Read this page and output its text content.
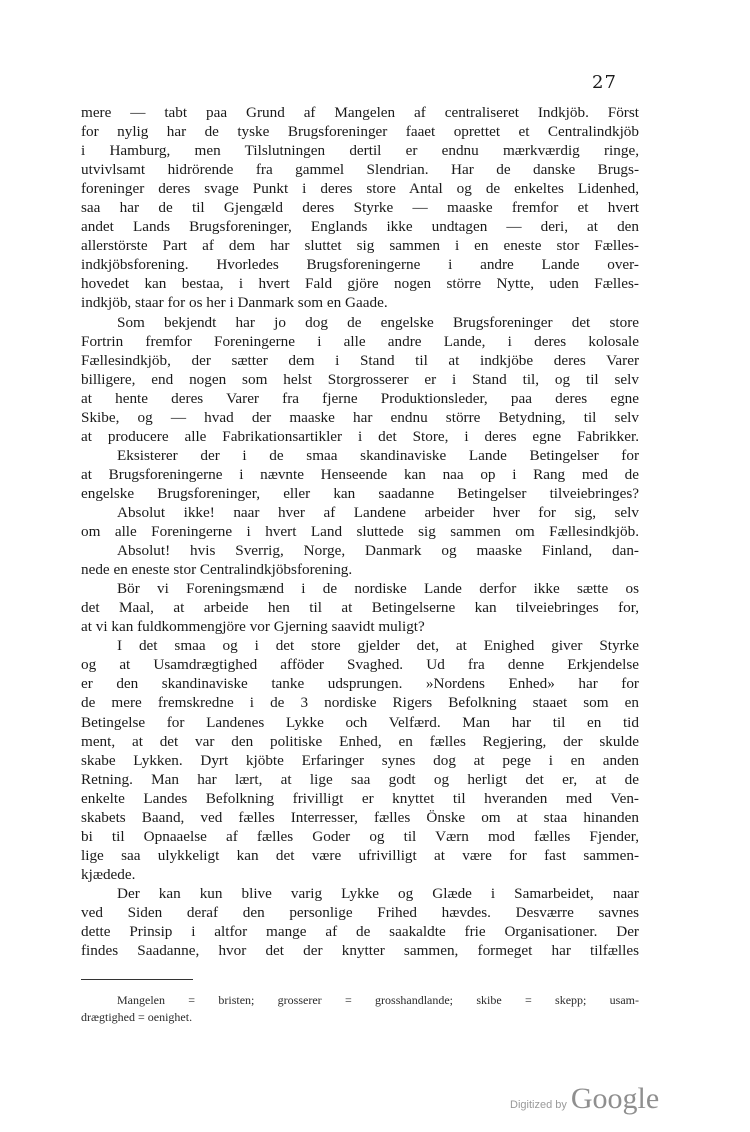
27
mere — tabt paa Grund af Mangelen af centraliseret Indkjöb. Först
for nylig har de tyske Brugsforeninger faaet oprettet et Centralindkjöb
i Hamburg, men Tilslutningen dertil er endnu mærkværdig ringe,
utvivlsamt hidrörende fra gammel Slendrian. Har de danske Brugs-
foreninger deres svage Punkt i deres store Antal og de enkeltes Lidenhed,
saa har de til Gjengæld deres Styrke — maaske fremfor et hvert
andet Lands Brugsforeninger, Englands ikke undtagen — deri, at den
allerstörste Part af dem har sluttet sig sammen i en eneste stor Fælles-
indkjöbsforening. Hvorledes Brugsforeningerne i andre Lande over-
hovedet kan bestaa, i hvert Fald gjöre nogen större Nytte, uden Fælles-
indkjöb, staar for os her i Danmark som en Gaade.
Som bekjendt har jo dog de engelske Brugsforeninger det store
Fortrin fremfor Foreningerne i alle andre Lande, i deres kolosale
Fællesindkjöb, der sætter dem i Stand til at indkjöbe deres Varer
billigere, end nogen som helst Storgrosserer er i Stand til, og til selv
at hente deres Varer fra fjerne Produktionsleder, paa deres egne
Skibe, og — hvad der maaske har endnu större Betydning, til selv
at producere alle Fabrikationsartikler i det Store, i deres egne Fabrikker.
Eksisterer der i de smaa skandinaviske Lande Betingelser for
at Brugsforeningerne i nævnte Henseende kan naa op i Rang med de
engelske Brugsforeninger, eller kan saadanne Betingelser tilveiebringes?
Absolut ikke! naar hver af Landene arbeider hver for sig, selv
om alle Foreningerne i hvert Land sluttede sig sammen om Fællesindkjöb.
Absolut! hvis Sverrig, Norge, Danmark og maaske Finland, dan-
nede en eneste stor Centralindkjöbsforening.
Bör vi Foreningsmænd i de nordiske Lande derfor ikke sætte os
det Maal, at arbeide hen til at Betingelserne kan tilveiebringes for,
at vi kan fuldkommengjöre vor Gjerning saavidt muligt?
I det smaa og i det store gjelder det, at Enighed giver Styrke
og at Usamdrægtighed afföder Svaghed. Ud fra denne Erkjendelse
er den skandinaviske tanke udsprungen. »Nordens Enhed» har for
de mere fremskredne i de 3 nordiske Rigers Befolkning staaet som en
Betingelse for Landenes Lykke och Velfærd. Man har til en tid
ment, at det var den politiske Enhed, en fælles Regjering, der skulde
skabe Lykken. Dyrt kjöbte Erfaringer synes dog at pege i en anden
Retning. Man har lært, at lige saa godt og herligt det er, at de
enkelte Landes Befolkning frivilligt er knyttet til hveranden med Ven-
skabets Baand, ved fælles Interresser, fælles Önske om at staa hinanden
bi til Opnaaelse af fælles Goder og til Værn mod fælles Fjender,
lige saa ulykkeligt kan det være ufrivilligt at være for fast sammen-
kjædede.
Der kan kun blive varig Lykke og Glæde i Samarbeidet, naar
ved Siden deraf den personlige Frihed hævdes. Desværre savnes
dette Prinsip i altfor mange af de saakaldte frie Organisationer. Der
findes Saadanne, hvor det der knytter sammen, formeget har tilfælles
Mangelen = bristen; grosserer = grosshandlande; skibe = skepp; usam-
drægtighed = oenighet.
Digitized by Google
